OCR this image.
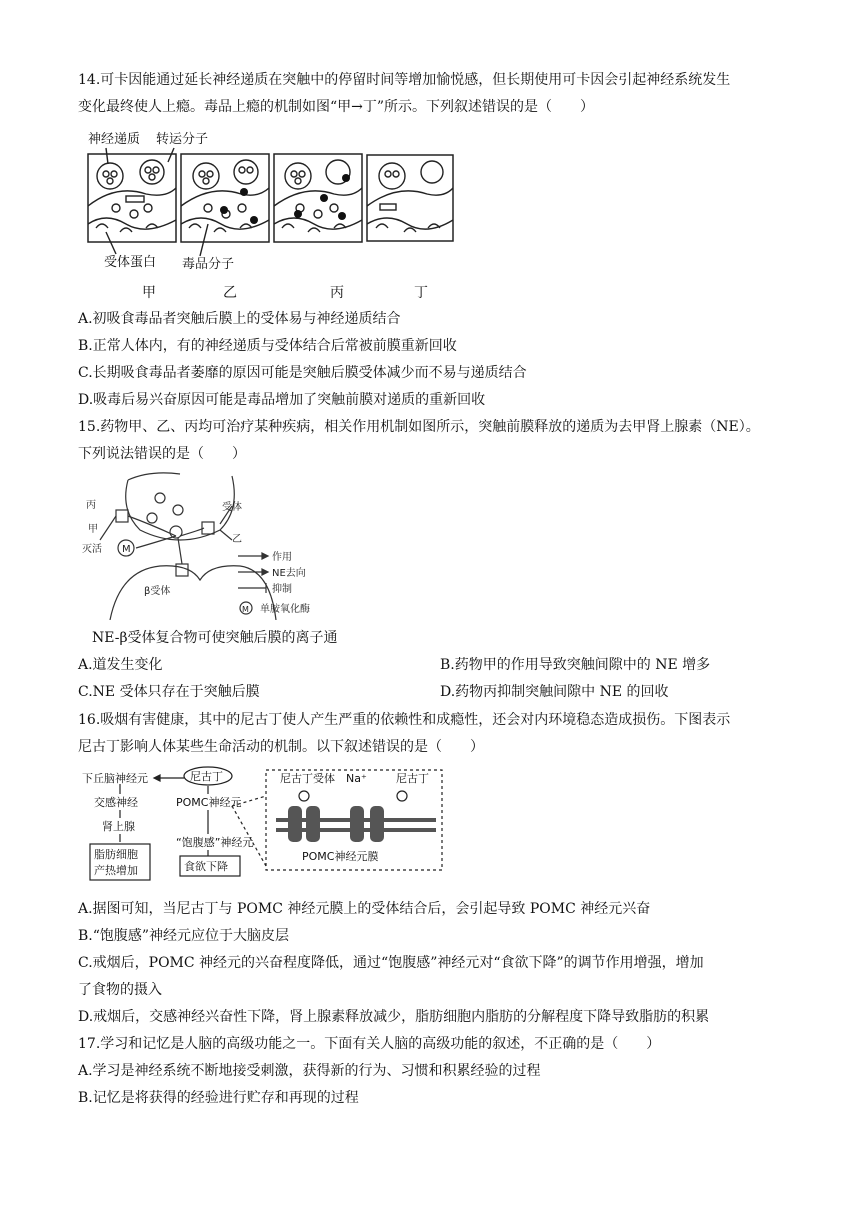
14.可卡因能通过延长神经递质在突触中的停留时间等增加愉悦感，但长期使用可卡因会引起神经系统发生
变化最终使人上瘾。毒品上瘾的机制如图“甲→丁”所示。下列叙述错误的是（　　）
神经递质 转运分子
受体蛋白 毒品分子
甲	乙	丙	丁
A.初吸食毒品者突触后膜上的受体易与神经递质结合
B.正常人体内，有的神经递质与受体结合后常被前膜重新回收
C.长期吸食毒品者萎靡的原因可能是突触后膜受体减少而不易与递质结合
D.吸毒后易兴奋原因可能是毒品增加了突触前膜对递质的重新回收
15.药物甲、乙、丙均可治疗某种疾病，相关作用机制如图所示，突触前膜释放的递质为去甲肾上腺素（NE）。
下列说法错误的是（　　）
丙
甲
灭活 M
受体
乙
β受体
作用
NE去向
抑制
M 单胺氧化酶
NE-β受体复合物可使突触后膜的离子通
A.道发生变化	B.药物甲的作用导致突触间隙中的 NE 增多
C.NE 受体只存在于突触后膜	D.药物丙抑制突触间隙中 NE 的回收
16.吸烟有害健康，其中的尼古丁使人产生严重的依赖性和成瘾性，还会对内环境稳态造成损伤。下图表示
尼古丁影响人体某些生命活动的机制。以下叙述错误的是（　　）
下丘脑神经元	尼古丁
交感神经
肾上腺
脂肪细胞
产热增加
POMC神经元
“饱腹感”神经元
食欲下降
尼古丁受体 Na⁺	尼古丁
POMC神经元膜
A.据图可知，当尼古丁与 POMC 神经元膜上的受体结合后，会引起导致 POMC 神经元兴奋
B.“饱腹感”神经元应位于大脑皮层
C.戒烟后，POMC 神经元的兴奋程度降低，通过“饱腹感”神经元对“食欲下降”的调节作用增强，增加
了食物的摄入
D.戒烟后，交感神经兴奋性下降，肾上腺素释放减少，脂肪细胞内脂肪的分解程度下降导致脂肪的积累
17.学习和记忆是人脑的高级功能之一。下面有关人脑的高级功能的叙述，不正确的是（　　）
A.学习是神经系统不断地接受刺激，获得新的行为、习惯和积累经验的过程
B.记忆是将获得的经验进行贮存和再现的过程
